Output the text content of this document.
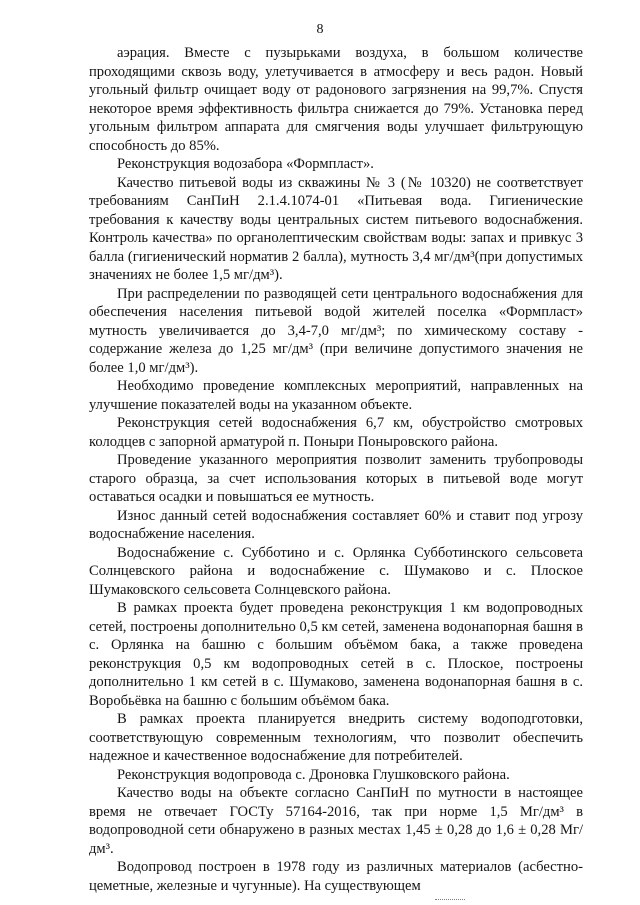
8

аэрация. Вместе с пузырьками воздуха, в большом количестве проходящими сквозь воду, улетучивается в атмосферу и весь радон. Новый угольный фильтр очищает воду от радонового загрязнения на 99,7%. Спустя некоторое время эффективность фильтра снижается до 79%. Установка перед угольным фильтром аппарата для смягчения воды улучшает фильтрующую способность до 85%.

Реконструкция водозабора «Формпласт».

Качество питьевой воды из скважины № 3 (№ 10320) не соответствует требованиям СанПиН 2.1.4.1074-01 «Питьевая вода. Гигиенические требования к качеству воды центральных систем питьевого водоснабжения. Контроль качества» по органолептическим свойствам воды: запах и привкус 3 балла (гигиенический норматив 2 балла), мутность 3,4 мг/дм³(при допустимых значениях не более 1,5 мг/дм³).

При распределении по разводящей сети центрального водоснабжения для обеспечения населения питьевой водой жителей поселка «Формпласт» мутность увеличивается до 3,4-7,0 мг/дм³; по химическому составу - содержание железа до 1,25 мг/дм³ (при величине допустимого значения не более 1,0 мг/дм³).

Необходимо проведение комплексных мероприятий, направленных на улучшение показателей воды на указанном объекте.

Реконструкция сетей водоснабжения 6,7 км, обустройство смотровых колодцев с запорной арматурой п. Поныри Поныровского района.

Проведение указанного мероприятия позволит заменить трубопроводы старого образца, за счет использования которых в питьевой воде могут оставаться осадки и повышаться ее мутность.

Износ данный сетей водоснабжения составляет 60% и ставит под угрозу водоснабжение населения.

Водоснабжение с. Субботино и с. Орлянка Субботинского сельсовета Солнцевского района и водоснабжение с. Шумаково и с. Плоское Шумаковского сельсовета Солнцевского района.

В рамках проекта будет проведена реконструкция 1 км водопроводных сетей, построены дополнительно 0,5 км сетей, заменена водонапорная башня в с. Орлянка на башню с большим объёмом бака, а также проведена реконструкция 0,5 км водопроводных сетей в с. Плоское, построены дополнительно 1 км сетей в с. Шумаково, заменена водонапорная башня в с. Воробьёвка на башню с большим объёмом бака.

В рамках проекта планируется внедрить систему водоподготовки, соответствующую современным технологиям, что позволит обеспечить надежное и качественное водоснабжение для потребителей.

Реконструкция водопровода с. Дроновка Глушковского района.

Качество воды на объекте согласно СанПиН по мутности в настоящее время не отвечает ГОСТу 57164-2016, так при норме 1,5 Мг/дм³ в водопроводной сети обнаружено в разных местах 1,45 ± 0,28 до 1,6 ± 0,28 Мг/дм³.

Водопровод построен в 1978 году из различных материалов (асбестно-цеметные, железные и чугунные). На существующем
